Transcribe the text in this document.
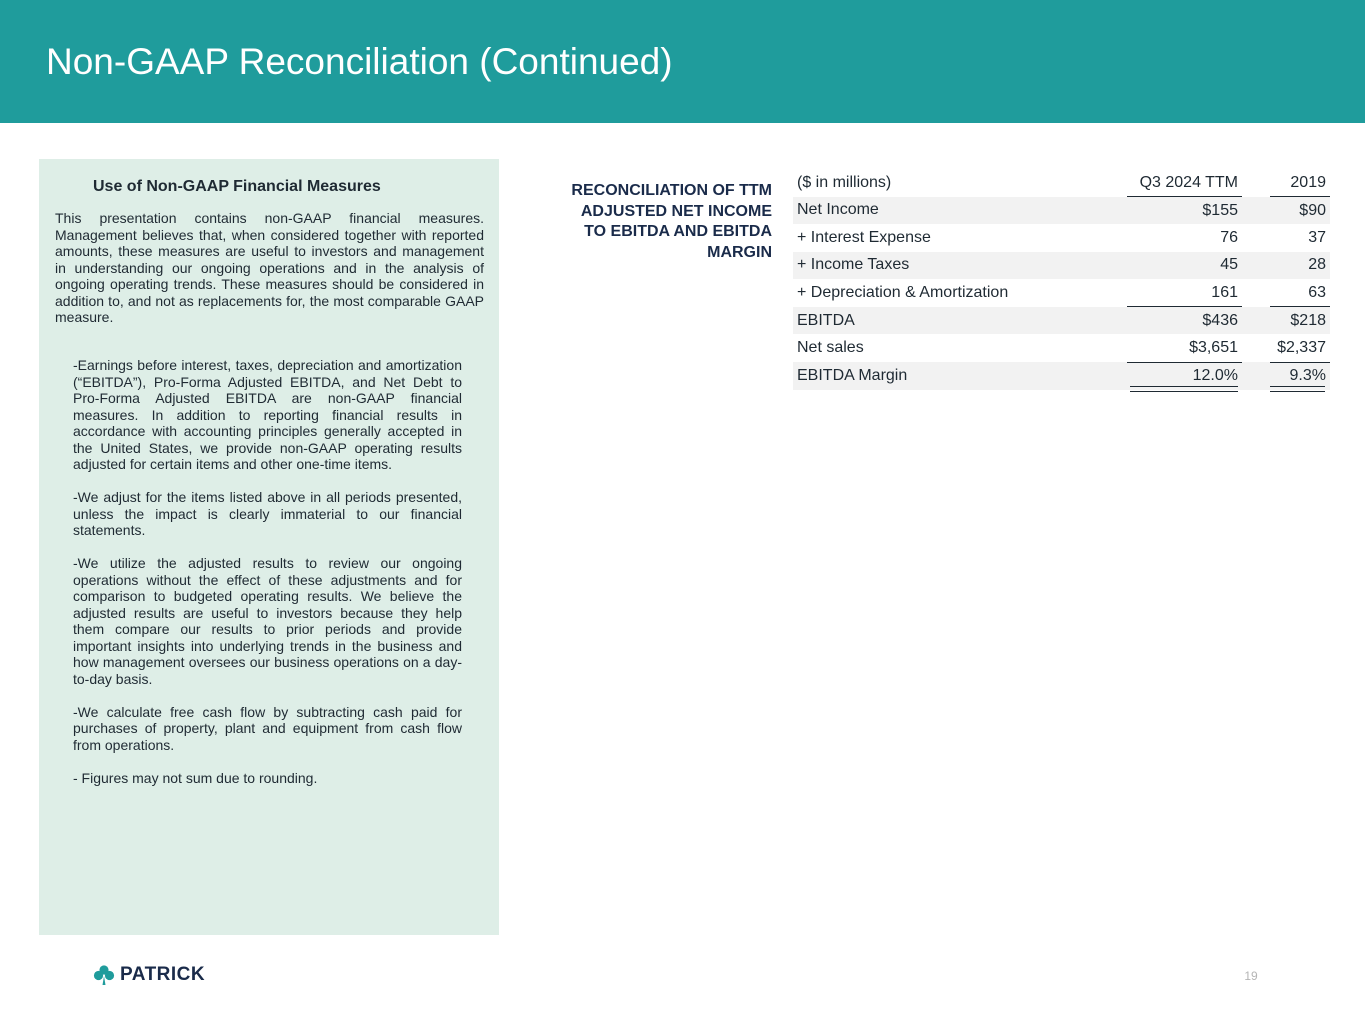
Non-GAAP Reconciliation (Continued)

Use of Non-GAAP Financial Measures

This presentation contains non-GAAP financial measures. Management believes that, when considered together with reported amounts, these measures are useful to investors and management in understanding our ongoing operations and in the analysis of ongoing operating trends. These measures should be considered in addition to, and not as replacements for, the most comparable GAAP measure.

-Earnings before interest, taxes, depreciation and amortization (“EBITDA”), Pro-Forma Adjusted EBITDA, and Net Debt to Pro-Forma Adjusted EBITDA are non-GAAP financial measures. In addition to reporting financial results in accordance with accounting principles generally accepted in the United States, we provide non-GAAP operating results adjusted for certain items and other one-time items.

-We adjust for the items listed above in all periods presented, unless the impact is clearly immaterial to our financial statements.

-We utilize the adjusted results to review our ongoing operations without the effect of these adjustments and for comparison to budgeted operating results. We believe the adjusted results are useful to investors because they help them compare our results to prior periods and provide important insights into underlying trends in the business and how management oversees our business operations on a day-to-day basis.

-We calculate free cash flow by subtracting cash paid for purchases of property, plant and equipment from cash flow from operations.

- Figures may not sum due to rounding.

RECONCILIATION OF TTM ADJUSTED NET INCOME TO EBITDA AND EBITDA MARGIN

($ in millions)	Q3 2024 TTM		2019
Net Income	$155		$90
+ Interest Expense	76		37
+ Income Taxes	45		28
+ Depreciation & Amortization	161		63
EBITDA	$436		$218
Net sales	$3,651		$2,337
EBITDA Margin	12.0%		9.3%
PATRICK	19
